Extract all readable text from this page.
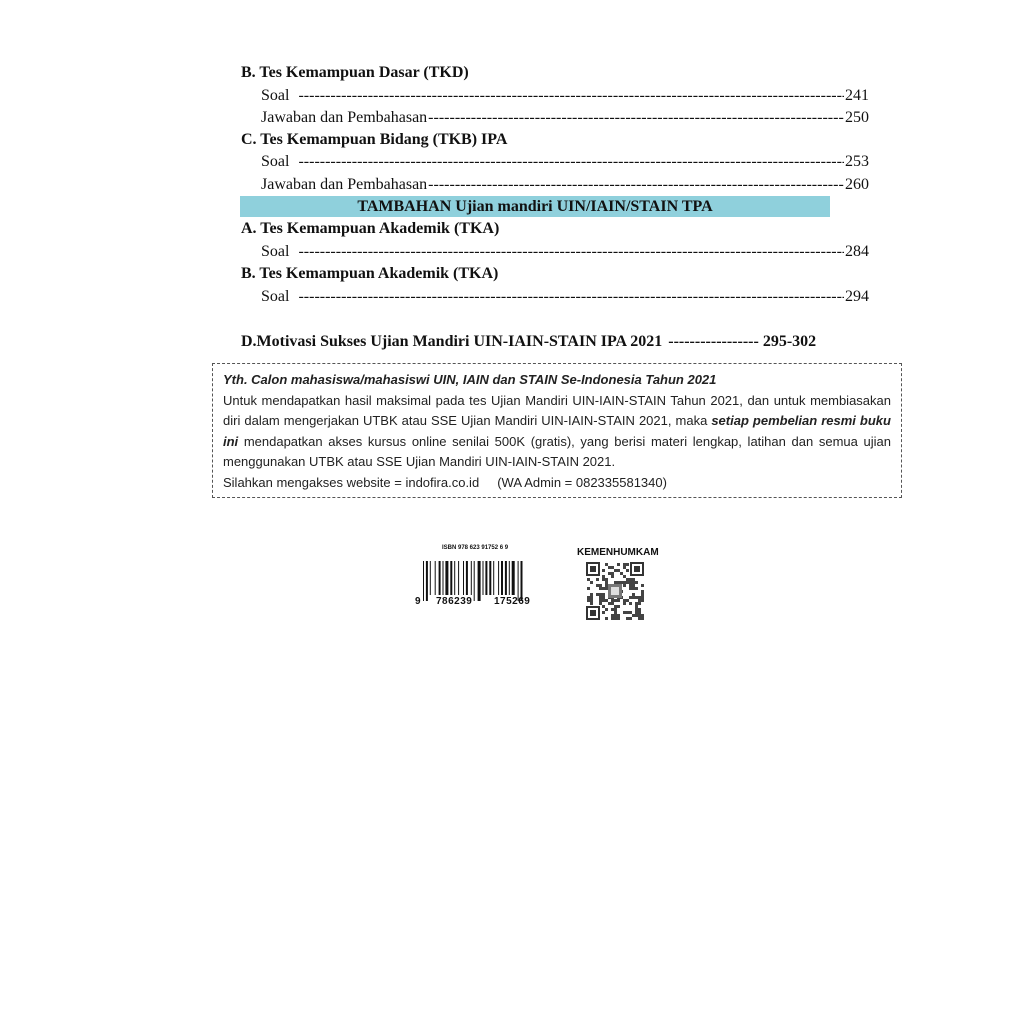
B. Tes Kemampuan Dasar (TKD)
Soal -----	241
Jawaban dan Pembahasan -----	250
C. Tes Kemampuan Bidang (TKB) IPA
Soal -----	253
Jawaban dan Pembahasan -----	260
TAMBAHAN Ujian mandiri UIN/IAIN/STAIN TPA
A. Tes Kemampuan Akademik (TKA)
Soal -----	284
B. Tes Kemampuan Akademik (TKA)
Soal -----	294
D.Motivasi Sukses Ujian Mandiri UIN-IAIN-STAIN IPA 2021 ----------------- 295-302
Yth. Calon mahasiswa/mahasiswi UIN, IAIN dan STAIN Se-Indonesia Tahun 2021
Untuk mendapatkan hasil maksimal pada tes Ujian Mandiri UIN-IAIN-STAIN Tahun 2021, dan untuk membiasakan diri dalam mengerjakan UTBK atau SSE Ujian Mandiri UIN-IAIN-STAIN 2021, maka setiap pembelian resmi buku ini mendapatkan akses kursus online senilai 500K (gratis), yang berisi materi lengkap, latihan dan semua ujian menggunakan UTBK atau SSE Ujian Mandiri UIN-IAIN-STAIN 2021.
Silahkan mengakses website = indofira.co.id     (WA Admin = 082335581340)
ISBN 978 623 91752 6 9
9 786239 175269
KEMENHUMKAM
